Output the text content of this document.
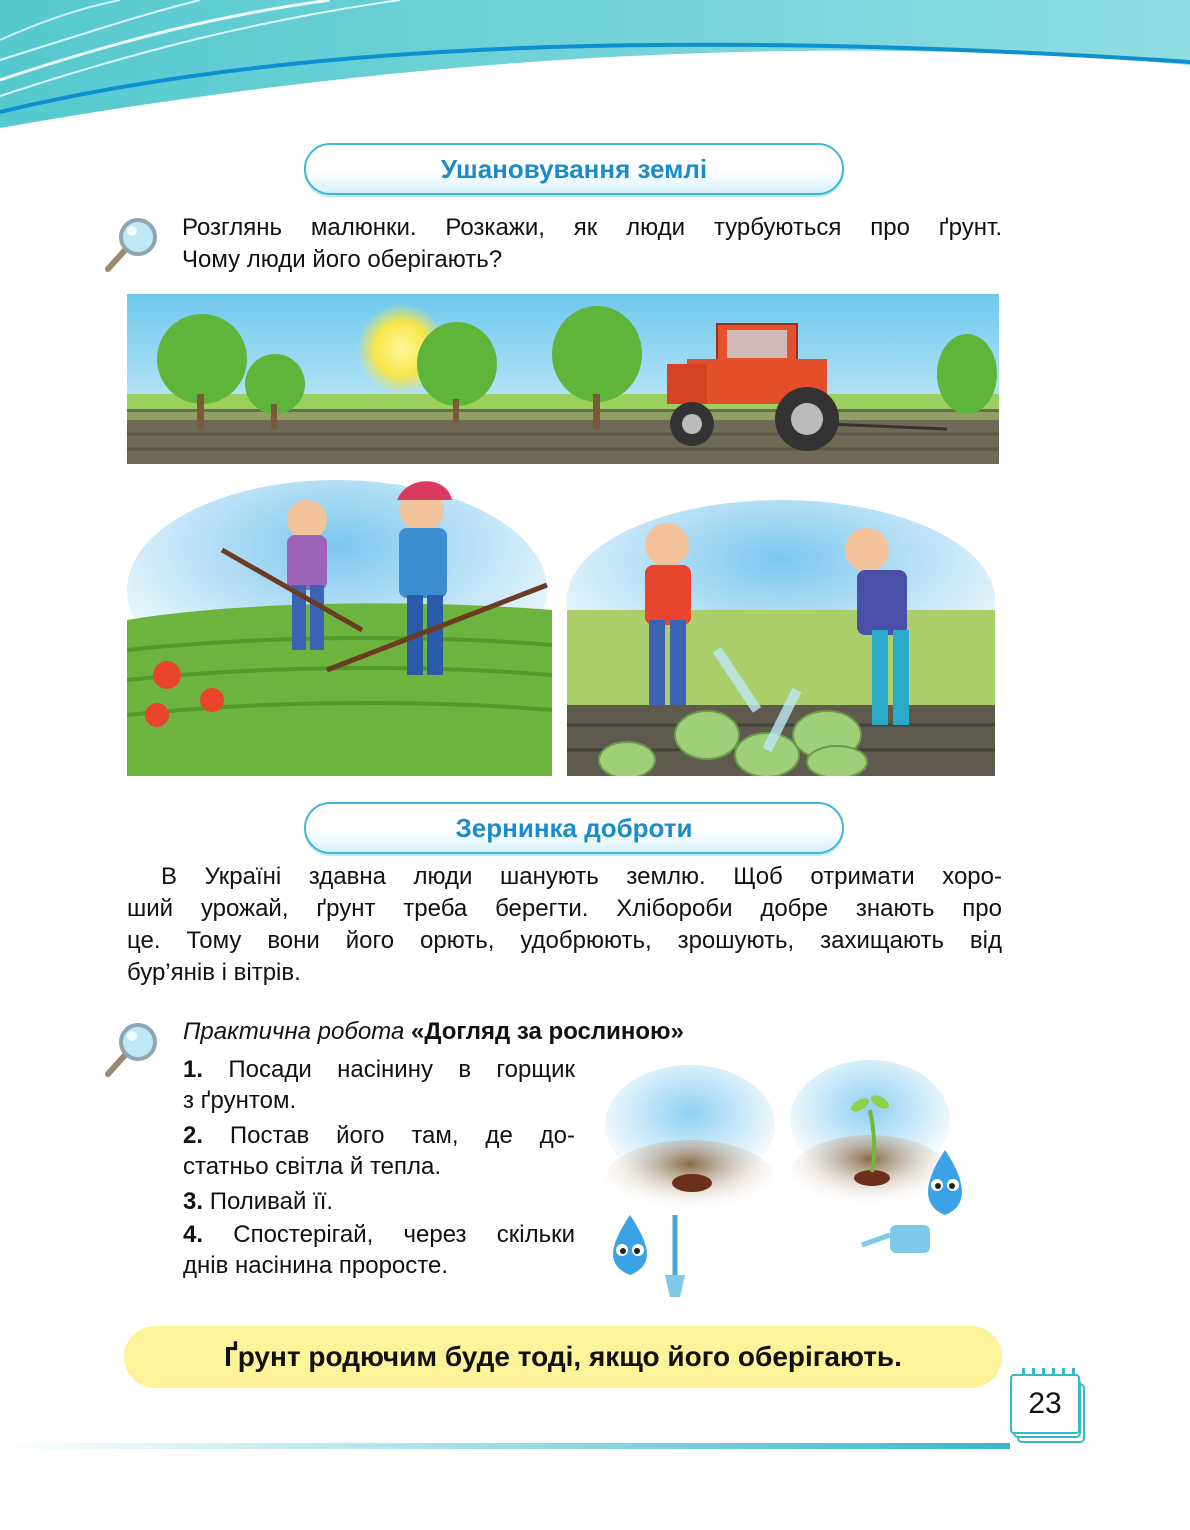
Ушановування землі
Розглянь малюнки. Розкажи, як люди турбуються про ґрунт.
Чому люди його оберігають?
Зернинка доброти
В Україні здавна люди шанують землю. Щоб отримати хоро-
ший урожай, ґрунт треба берегти. Хлібороби добре знають про
це. Тому вони його орють, удобрюють, зрошують, захищають від
бур’янів і вітрів.
Практична робота «Догляд за рослиною»
1. Посади насінину в горщик
з ґрунтом.
2. Постав його там, де до-
статньо світла й тепла.
3. Поливай її.
4. Спостерігай, через скільки
днів насінина проросте.
Ґрунт родючим буде тоді, якщо його оберігають.
23
